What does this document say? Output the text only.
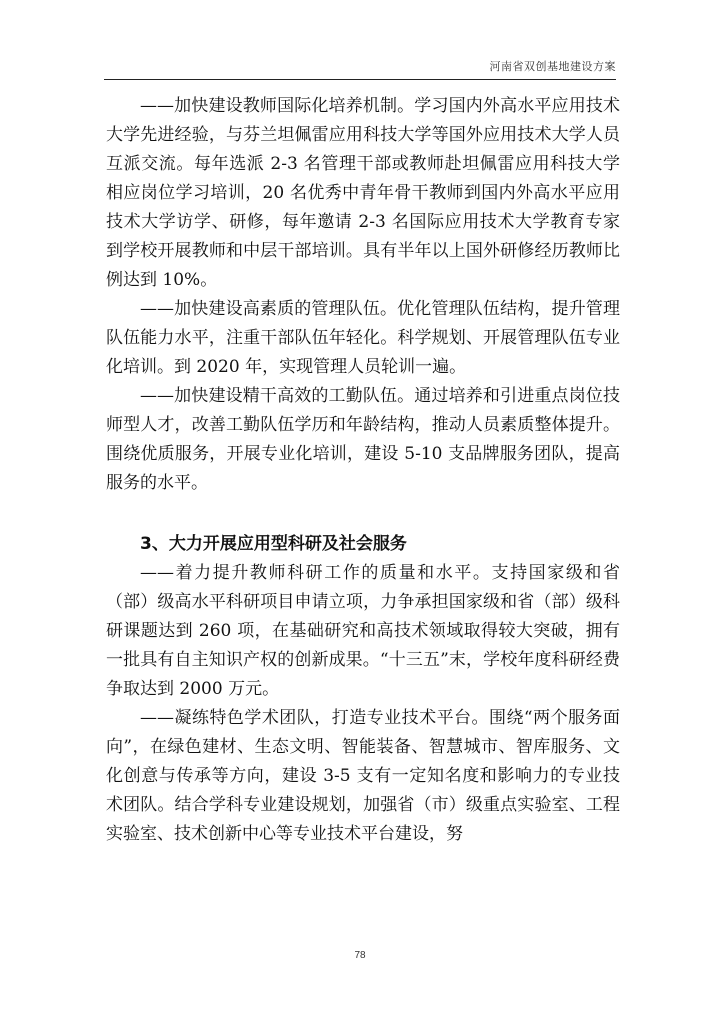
河南省双创基地建设方案

——加快建设教师国际化培养机制。学习国内外高水平应用技术大学先进经验，与芬兰坦佩雷应用科技大学等国外应用技术大学人员互派交流。每年选派 2-3 名管理干部或教师赴坦佩雷应用科技大学相应岗位学习培训，20 名优秀中青年骨干教师到国内外高水平应用技术大学访学、研修，每年邀请 2-3 名国际应用技术大学教育专家到学校开展教师和中层干部培训。具有半年以上国外研修经历教师比例达到 10%。

——加快建设高素质的管理队伍。优化管理队伍结构，提升管理队伍能力水平，注重干部队伍年轻化。科学规划、开展管理队伍专业化培训。到 2020 年，实现管理人员轮训一遍。

——加快建设精干高效的工勤队伍。通过培养和引进重点岗位技师型人才，改善工勤队伍学历和年龄结构，推动人员素质整体提升。围绕优质服务，开展专业化培训，建设 5-10 支品牌服务团队，提高服务的水平。

3、大力开展应用型科研及社会服务

——着力提升教师科研工作的质量和水平。支持国家级和省（部）级高水平科研项目申请立项，力争承担国家级和省（部）级科研课题达到 260 项，在基础研究和高技术领域取得较大突破，拥有一批具有自主知识产权的创新成果。“十三五”末，学校年度科研经费争取达到 2000 万元。

——凝练特色学术团队，打造专业技术平台。围绕“两个服务面向”，在绿色建材、生态文明、智能装备、智慧城市、智库服务、文化创意与传承等方向，建设 3-5 支有一定知名度和影响力的专业技术团队。结合学科专业建设规划，加强省（市）级重点实验室、工程实验室、技术创新中心等专业技术平台建设，努

78
